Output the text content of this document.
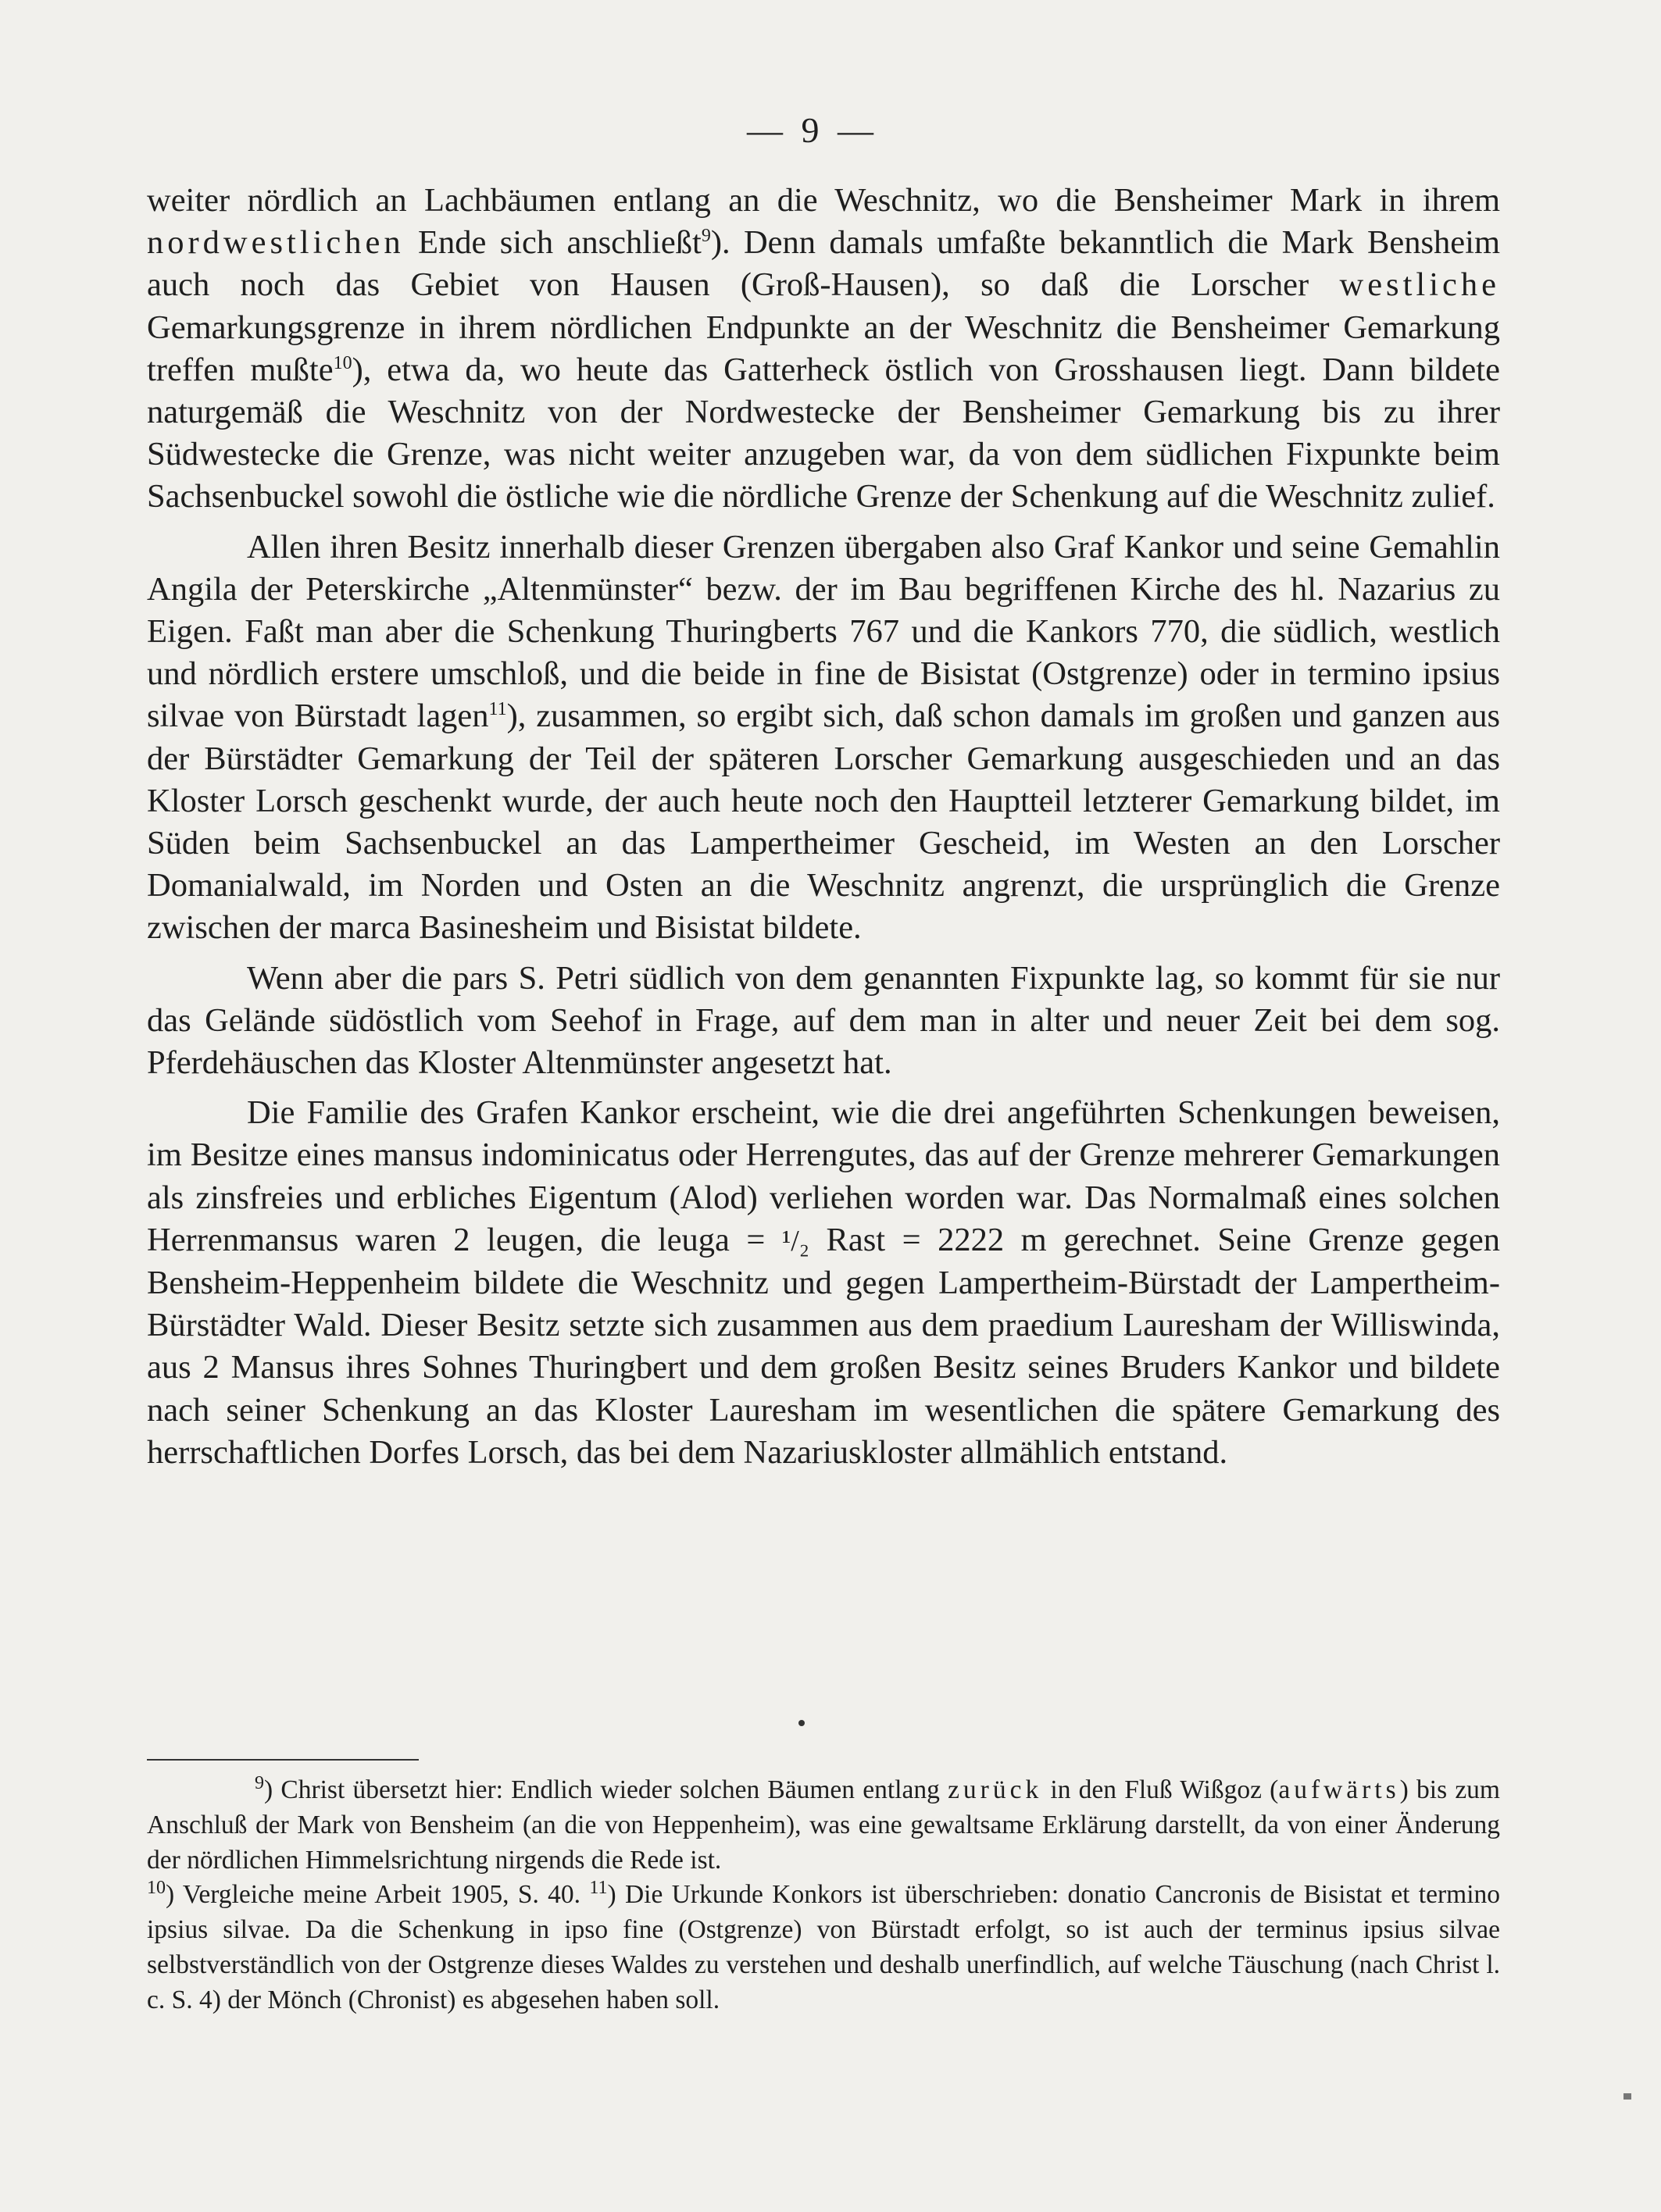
— 9 —

weiter nördlich an Lachbäumen entlang an die Weschnitz, wo die Bensheimer Mark in ihrem nordwestlichen Ende sich anschließt$^9$). Denn damals umfaßte bekanntlich die Mark Bensheim auch noch das Gebiet von Hausen (Groß-Hausen), so daß die Lorscher westliche Gemarkungsgrenze in ihrem nördlichen Endpunkte an der Weschnitz die Bensheimer Gemarkung treffen mußte$^{10}$), etwa da, wo heute das Gatterheck östlich von Grosshausen liegt. Dann bildete naturgemäß die Weschnitz von der Nordwestecke der Bensheimer Gemarkung bis zu ihrer Südwestecke die Grenze, was nicht weiter anzugeben war, da von dem südlichen Fixpunkte beim Sachsenbuckel sowohl die östliche wie die nördliche Grenze der Schenkung auf die Weschnitz zulief.

Allen ihren Besitz innerhalb dieser Grenzen übergaben also Graf Kankor und seine Gemahlin Angila der Peterskirche „Altenmünster“ bezw. der im Bau begriffenen Kirche des hl. Nazarius zu Eigen. Faßt man aber die Schenkung Thuringberts 767 und die Kankors 770, die südlich, westlich und nördlich erstere umschloß, und die beide in fine de Bisistat (Ostgrenze) oder in termino ipsius silvae von Bürstadt lagen$^{11}$), zusammen, so ergibt sich, daß schon damals im großen und ganzen aus der Bürstädter Gemarkung der Teil der späteren Lorscher Gemarkung ausgeschieden und an das Kloster Lorsch geschenkt wurde, der auch heute noch den Hauptteil letzterer Gemarkung bildet, im Süden beim Sachsenbuckel an das Lampertheimer Gescheid, im Westen an den Lorscher Domanialwald, im Norden und Osten an die Weschnitz angrenzt, die ursprünglich die Grenze zwischen der marca Basinesheim und Bisistat bildete.

Wenn aber die pars S. Petri südlich von dem genannten Fixpunkte lag, so kommt für sie nur das Gelände südöstlich vom Seehof in Frage, auf dem man in alter und neuer Zeit bei dem sog. Pferdehäuschen das Kloster Altenmünster angesetzt hat.

Die Familie des Grafen Kankor erscheint, wie die drei angeführten Schenkungen beweisen, im Besitze eines mansus indominicatus oder Herrengutes, das auf der Grenze mehrerer Gemarkungen als zinsfreies und erbliches Eigentum (Alod) verliehen worden war. Das Normalmaß eines solchen Herrenmansus waren 2 leugen, die leuga = ¹/₂ Rast = 2222 m gerechnet. Seine Grenze gegen Bensheim-Heppenheim bildete die Weschnitz und gegen Lampertheim-Bürstadt der Lampertheim-Bürstädter Wald. Dieser Besitz setzte sich zusammen aus dem praedium Lauresham der Williswinda, aus 2 Mansus ihres Sohnes Thuringbert und dem großen Besitz seines Bruders Kankor und bildete nach seiner Schenkung an das Kloster Lauresham im wesentlichen die spätere Gemarkung des herrschaftlichen Dorfes Lorsch, das bei dem Nazariuskloster allmählich entstand.

$^9$) Christ übersetzt hier: Endlich wieder solchen Bäumen entlang zurück in den Fluß Wißgoz (aufwärts) bis zum Anschluß der Mark von Bensheim (an die von Heppenheim), was eine gewaltsame Erklärung darstellt, da von einer Änderung der nördlichen Himmelsrichtung nirgends die Rede ist.

$^{10}$) Vergleiche meine Arbeit 1905, S. 40. $^{11}$) Die Urkunde Konkors ist überschrieben: donatio Cancronis de Bisistat et termino ipsius silvae. Da die Schenkung in ipso fine (Ostgrenze) von Bürstadt erfolgt, so ist auch der terminus ipsius silvae selbstverständlich von der Ostgrenze dieses Waldes zu verstehen und deshalb unerfindlich, auf welche Täuschung (nach Christ l. c. S. 4) der Mönch (Chronist) es abgesehen haben soll.
